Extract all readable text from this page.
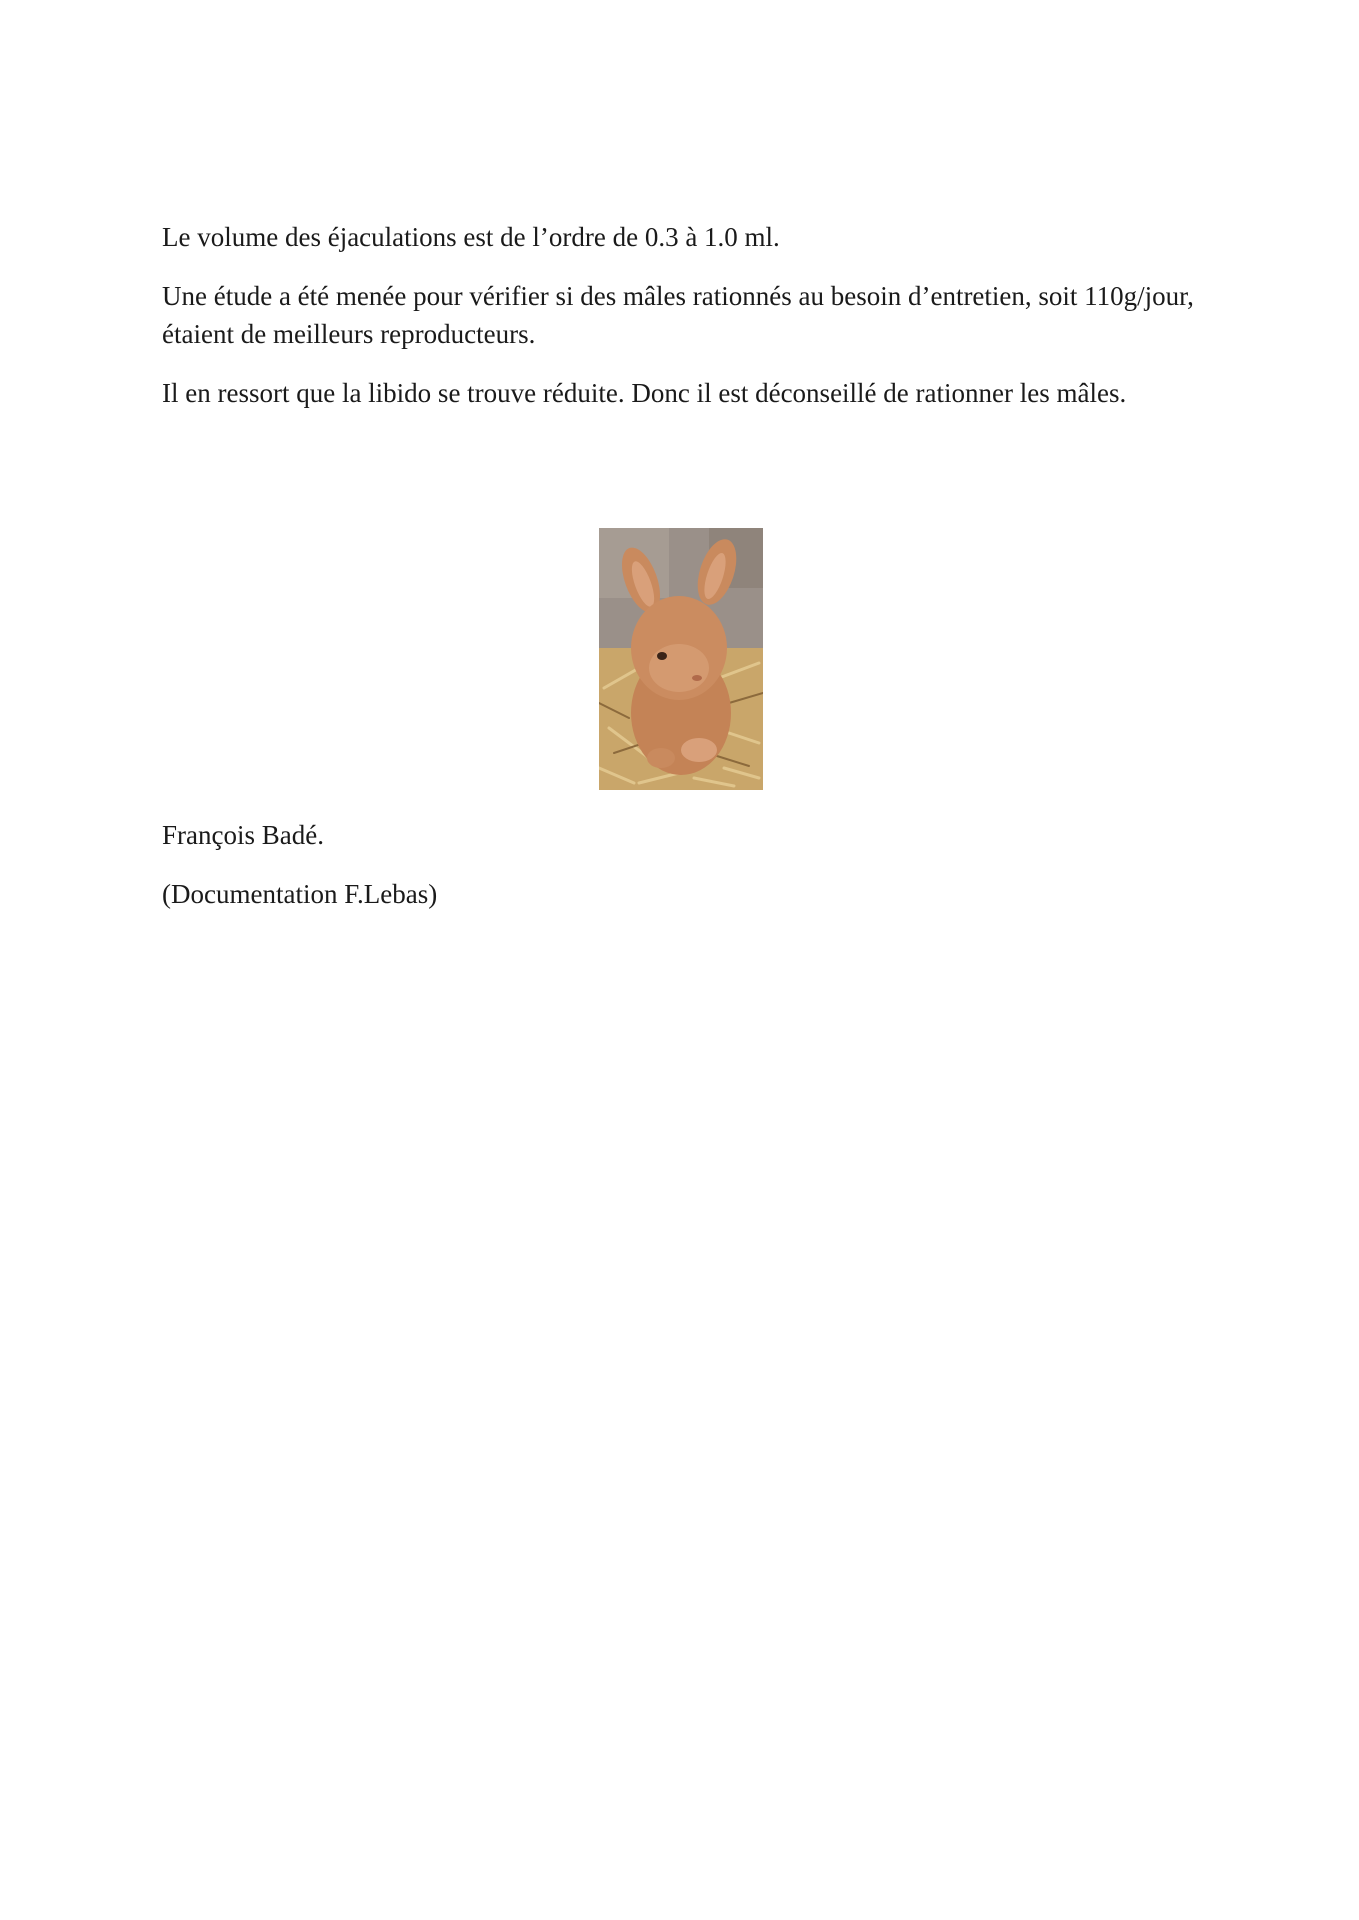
Le volume des éjaculations est de l’ordre de 0.3 à 1.0 ml.

Une étude a été menée pour vérifier si des mâles rationnés au besoin d’entretien, soit 110g/jour, étaient de meilleurs reproducteurs.

Il en ressort que la libido se trouve réduite. Donc il est déconseillé de rationner les mâles.

François Badé.

(Documentation F.Lebas)
